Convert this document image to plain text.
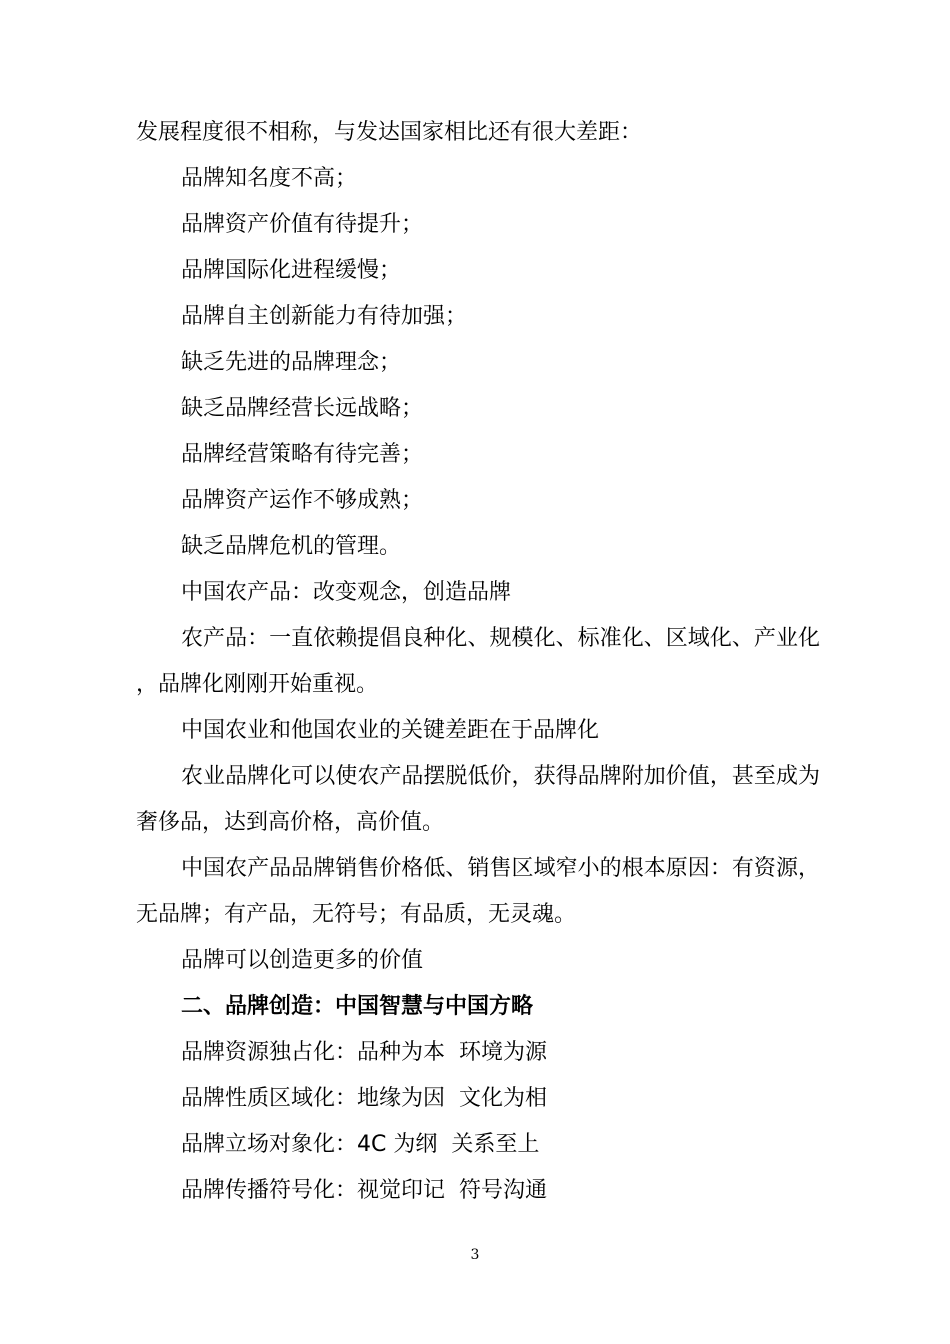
发展程度很不相称，与发达国家相比还有很大差距：

品牌知名度不高；

品牌资产价值有待提升；

品牌国际化进程缓慢；

品牌自主创新能力有待加强；

缺乏先进的品牌理念；

缺乏品牌经营长远战略；

品牌经营策略有待完善；

品牌资产运作不够成熟；

缺乏品牌危机的管理。

中国农产品：改变观念，创造品牌

农产品：一直依赖提倡良种化、规模化、标准化、区域化、产业化 ，品牌化刚刚开始重视。

中国农业和他国农业的关键差距在于品牌化

农业品牌化可以使农产品摆脱低价，获得品牌附加价值，甚至成为奢侈品，达到高价格，高价值。

中国农产品品牌销售价格低、销售区域窄小的根本原因：有资源，无品牌；有产品，无符号；有品质，无灵魂。

品牌可以创造更多的价值

二、品牌创造：中国智慧与中国方略

品牌资源独占化：品种为本  环境为源

品牌性质区域化：地缘为因  文化为相

品牌立场对象化：4C 为纲  关系至上

品牌传播符号化：视觉印记  符号沟通

3
